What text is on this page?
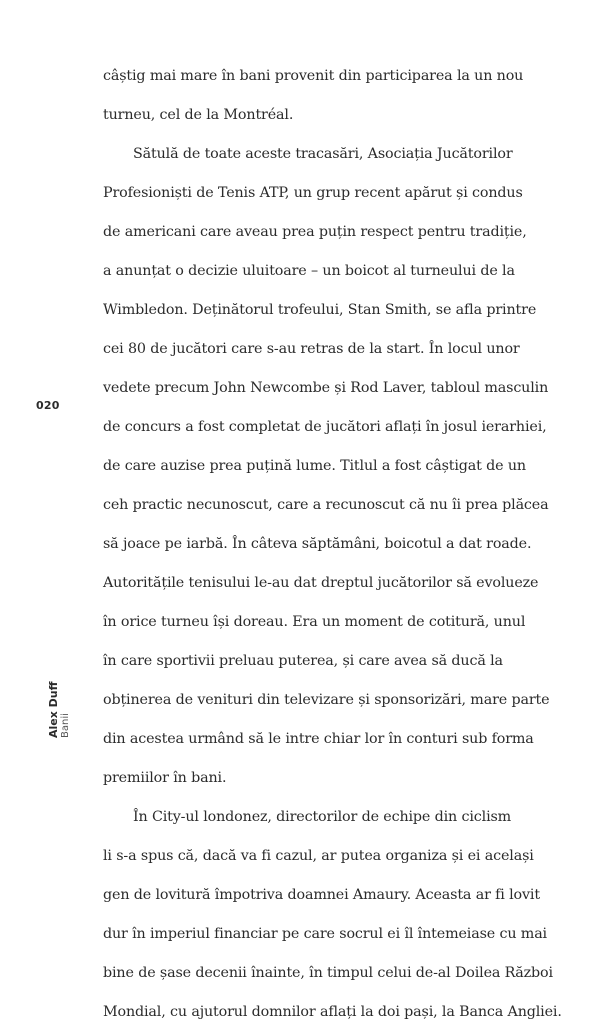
câștig mai mare în bani provenit din participarea la un nou

turneu, cel de la Montréal.

Sătulă de toate aceste tracasări, Asociația Jucătorilor

Profesioniști de Tenis ATP, un grup recent apărut și condus

de americani care aveau prea puțin respect pentru tradiție,

a anunțat o decizie uluitoare – un boicot al turneului de la

Wimbledon. Deținătorul trofeului, Stan Smith, se afla printre

cei 80 de jucători care s-au retras de la start. În locul unor

vedete precum John Newcombe și Rod Laver, tabloul masculin

de concurs a fost completat de jucători aflați în josul ierarhiei,

de care auzise prea puțină lume. Titlul a fost câștigat de un

ceh practic necunoscut, care a recunoscut că nu îi prea plăcea

să joace pe iarbă. În câteva săptămâni, boicotul a dat roade.

Autoritățile tenisului le-au dat dreptul jucătorilor să evolueze

în orice turneu își doreau. Era un moment de cotitură, unul

în care sportivii preluau puterea, și care avea să ducă la

obținerea de venituri din televizare și sponsorizări, mare parte

din acestea urmând să le intre chiar lor în conturi sub forma

premiilor în bani.

În City-ul londonez, directorilor de echipe din ciclism

li s-a spus că, dacă va fi cazul, ar putea organiza și ei același

gen de lovitură împotriva doamnei Amaury. Aceasta ar fi lovit

dur în imperiul financiar pe care socrul ei îl întemeiase cu mai

bine de șase decenii înainte, în timpul celui de-al Doilea Război

Mondial, cu ajutorul domnilor aflați la doi pași, la Banca Angliei.

020
Alex Duff Banii
